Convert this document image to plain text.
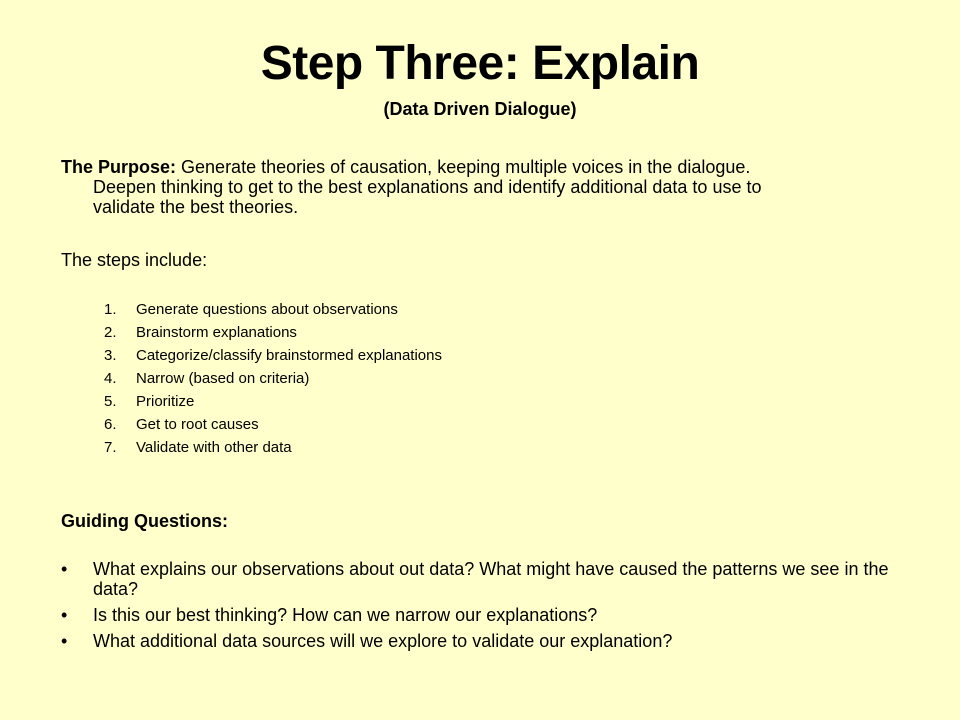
Step Three: Explain
(Data Driven Dialogue)
The Purpose: Generate theories of causation, keeping multiple voices in the dialogue.
Deepen thinking to get to the best explanations and identify additional data to use to
validate the best theories.
The steps include:
1.	Generate questions about observations
2.	Brainstorm explanations
3.	Categorize/classify brainstormed explanations
4.	Narrow (based on criteria)
5.	Prioritize
6.	Get to root causes
7.	Validate with other data
Guiding Questions:
•	What explains our observations about out data? What might have caused the patterns we see in the data?
•	Is this our best thinking? How can we narrow our explanations?
•	What additional data sources will we explore to validate our explanation?
